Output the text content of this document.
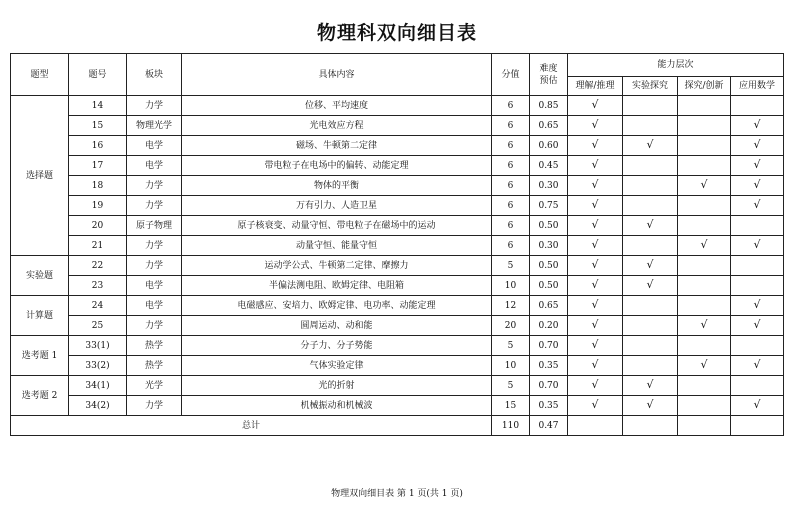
物理科双向细目表
题型	题号	板块	具体内容	分值	难度
预估	能力层次			
						理解/推理	实验探究	探究/创新	应用数学
选择题	14	力学	位移、平均速度	6	0.85	√			
	15	物理光学	光电效应方程	6	0.65	√			√
	16	电学	磁场、牛顿第二定律	6	0.60	√	√		√
	17	电学	带电粒子在电场中的偏转、动能定理	6	0.45	√			√
	18	力学	物体的平衡	6	0.30	√		√	√
	19	力学	万有引力、人造卫星	6	0.75	√			√
	20	原子物理	原子核衰变、动量守恒、带电粒子在磁场中的运动	6	0.50	√	√		
	21	力学	动量守恒、能量守恒	6	0.30	√		√	√
实验题	22	力学	运动学公式、牛顿第二定律、摩擦力	5	0.50	√	√		
	23	电学	半偏法测电阻、欧姆定律、电阻箱	10	0.50	√	√		
计算题	24	电学	电磁感应、安培力、欧姆定律、电功率、动能定理	12	0.65	√			√
	25	力学	圆周运动、动和能	20	0.20	√		√	√
选考题 1	33(1)	热学	分子力、分子势能	5	0.70	√			
	33(2)	热学	气体实验定律	10	0.35	√		√	√
选考题 2	34(1)	光学	光的折射	5	0.70	√	√		
	34(2)	力学	机械振动和机械波	15	0.35	√	√		√
总计				110	0.47				
物理双向细目表 第 1 页(共 1 页)
